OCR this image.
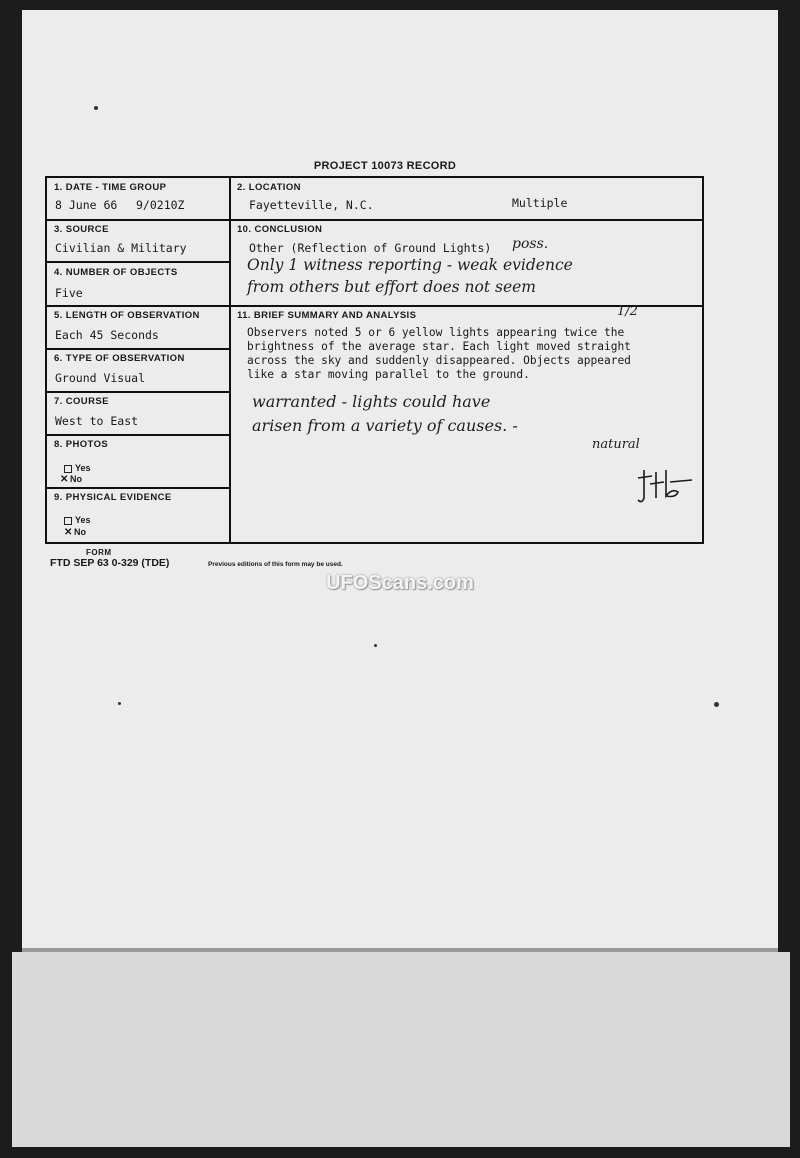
PROJECT 10073 RECORD
1. DATE - TIME GROUP
8 June 66 9/0210Z
3. SOURCE
Civilian & Military
4. NUMBER OF OBJECTS
Five
5. LENGTH OF OBSERVATION
Each 45 Seconds
6. TYPE OF OBSERVATION
Ground Visual
7. COURSE
West to East
8. PHOTOS
Yes
✕ No
9. PHYSICAL EVIDENCE
Yes
✕ No
2. LOCATION
Fayetteville, N.C.	Multiple
10. CONCLUSION
Other (Reflection of Ground Lights) poss.
Only 1 witness reporting - weak evidence
from others but effort does not seem
11. BRIEF SUMMARY AND ANALYSIS	1/2
Observers noted 5 or 6 yellow lights appearing twice the
brightness of the average star. Each light moved straight
across the sky and suddenly disappeared. Objects appeared
like a star moving parallel to the ground.
warranted - lights could have
arisen from a variety of causes. -
natural
FORM
FTD SEP 63 0-329 (TDE)	Previous editions of this form may be used.
UFOScans.com
